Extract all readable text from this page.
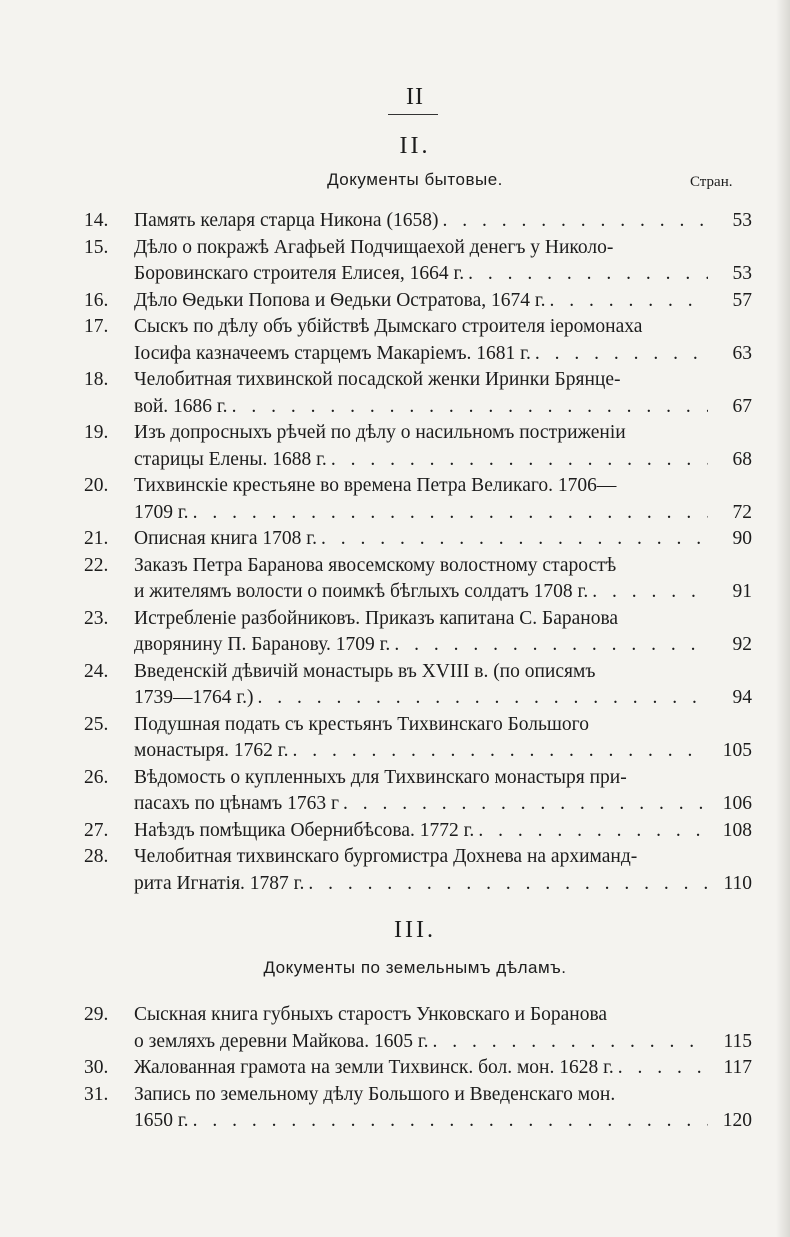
II
II.
Документы бытовые.	Стран.
14.	Память келаря старца Никона (1658) . . .	53
15.	Дѣло о покражѣ Агафьей Подчищаехой денегъ у Николо-
Боровинскаго строителя Елисея, 1664 г. . . .	53
16.	Дѣло Ѳедьки Попова и Ѳедьки Остратова, 1674 г. . . .	57
17.	Сыскъ по дѣлу объ убійствѣ Дымскаго строителя іеромонаха
Іосифа казначеемъ старцемъ Макаріемъ. 1681 г. . . .	63
18.	Челобитная тихвинской посадской женки Иринки Брянце-
вой. 1686 г. . . .	67
19.	Изъ допросныхъ рѣчей по дѣлу о насильномъ постриженіи
старицы Елены. 1688 г. . . .	68
20.	Тихвинскіе крестьяне во времена Петра Великаго. 1706—
1709 г. . . .	72
21.	Описная книга 1708 г. . . .	90
22.	Заказъ Петра Баранова явосемскому волостному старостѣ
и жителямъ волости о поимкѣ бѣглыхъ солдатъ 1708 г. . . .	91
23.	Истребленіе разбойниковъ. Приказъ капитана С. Баранова
дворянину П. Баранову. 1709 г. . . .	92
24.	Введенскій дѣвичій монастырь въ XVIII в. (по описямъ
1739—1764 г.) . . .	94
25.	Подушная подать съ крестьянъ Тихвинскаго Большого
монастыря. 1762 г. . . .	105
26.	Вѣдомость о купленныхъ для Тихвинскаго монастыря при-
пасахъ по цѣнамъ 1763 г . . .	106
27.	Наѣздъ помѣщика Обернибѣсова. 1772 г. . . .	108
28.	Челобитная тихвинскаго бургомистра Дохнева на архиманд-
рита Игнатія. 1787 г. . . .	110
III.
Документы по земельнымъ дѣламъ.
29.	Сыскная книга губныхъ старостъ Унковскаго и Боранова
о земляхъ деревни Майкова. 1605 г. . . .	115
30.	Жалованная грамота на земли Тихвинск. бол. мон. 1628 г. . . .	117
31.	Запись по земельному дѣлу Большого и Введенскаго мон.
1650 г. . . .	120
